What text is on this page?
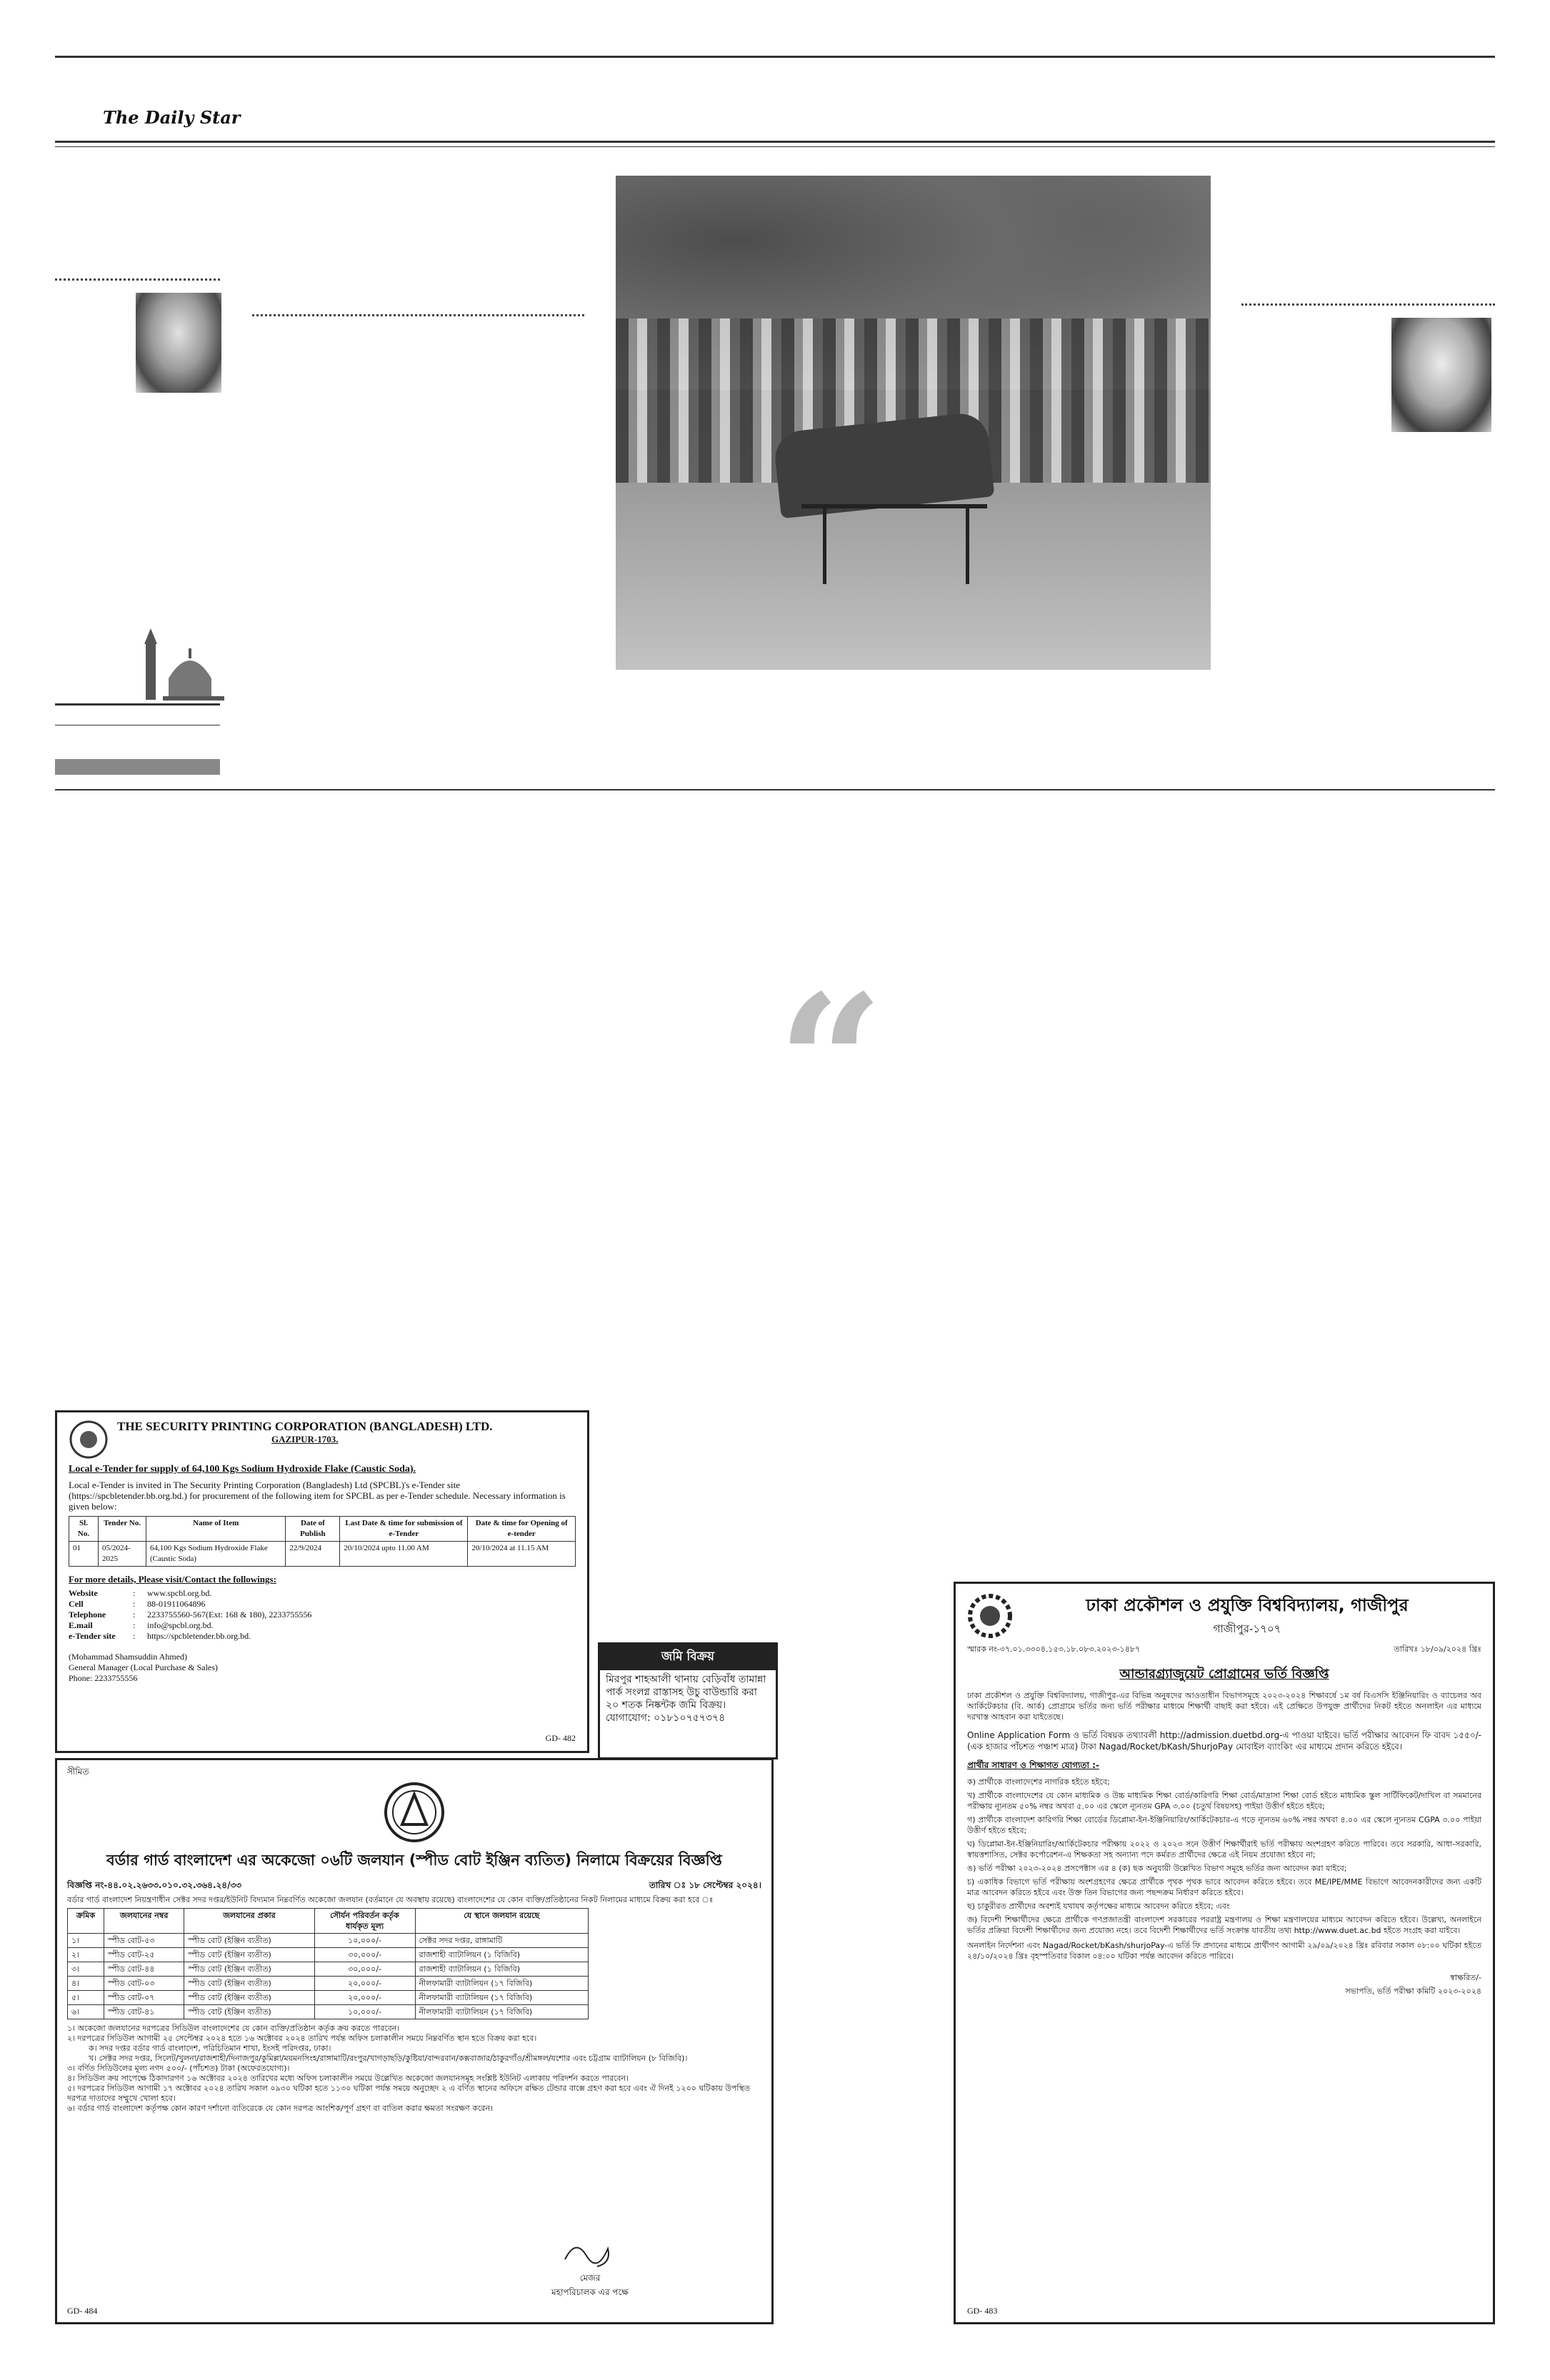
The Daily Star
“
THE SECURITY PRINTING CORPORATION (BANGLADESH) LTD.
GAZIPUR-1703.
Local e-Tender for supply of 64,100 Kgs Sodium Hydroxide Flake (Caustic Soda).
Local e-Tender is invited in The Security Printing Corporation (Bangladesh) Ltd (SPCBL)'s e-Tender site (https://spcbletender.bb.org.bd.) for procurement of the following item for SPCBL as per e-Tender schedule. Necessary information is given below:
Sl. No.	Tender No.	Name of Item	Date of Publish	Last Date & time for submission of e-Tender	Date & time for Opening of e-tender
01	05/2024-2025	64,100 Kgs Sodium Hydroxide Flake (Caustic Soda)	22/9/2024	20/10/2024 upto 11.00 AM	20/10/2024 at 11.15 AM
For more details, Please visit/Contact the followings:
Website	:	www.spcbl.org.bd.
Cell	:	88-01911064896
Telephone	:	2233755560-567(Ext: 168 & 180), 2233755556
E.mail	:	info@spcbl.org.bd.
e-Tender site	:	https://spcbletender.bb.org.bd.
(Mohammad Shamsuddin Ahmed)
General Manager (Local Purchase & Sales)
Phone: 2233755556
GD- 482
জমি বিক্রয়
মিরপুর শাহআলী থানায় বেড়িবাঁধ তামান্না পার্ক সংলগ্ন রাস্তাসহ উচু বাউন্ডারি করা ২০ শতক নিষ্কন্টক জমি বিক্রয়।
যোগাযোগ: ০১৮১০৭৫৭৩৭৪
সীমিত
বর্ডার গার্ড বাংলাদেশ এর অকেজো ০৬টি জলযান (স্পীড বোট ইঞ্জিন ব্যতিত) নিলামে বিক্রয়ের বিজ্ঞপ্তি
বিজ্ঞপ্তি নং-৪৪.০২.২৬৩৩.০১০.৩২.৩৬৪.২৪/৩৩	তারিখ ঃ ১৮ সেপ্টেম্বর ২০২৪।
বর্ডার গার্ড বাংলাদেশ নিয়ন্ত্রণাধীন সেক্টর সদর দপ্তর/ইউনিট বিদ্যমান নিম্নবর্ণিত অকেজো জলযান (বর্তমানে যে অবস্থায় রয়েছে) বাংলাদেশের যে কোন ব্যক্তি/প্রতিষ্ঠানের নিকট নিলামের মাধ্যমে বিক্রয় করা হবে ঃ
ক্রমিক	জলযানের নম্বর	জলযানের প্রকার	সৌর্যন পরিবর্তন কর্তৃক ধার্যকৃত মূল্য	যে স্থানে জলযান রয়েছে
১।	স্পীড বোট-৫৩	স্পীড বোট (ইঞ্জিন ব্যতীত)	১০,০০০/-	সেক্টর সদর দপ্তর, রাঙ্গামাটি
২।	স্পীড বোট-২৫	স্পীড বোট (ইঞ্জিন ব্যতীত)	৩০,০০০/-	রাজশাহী ব্যাটালিয়ন (১ বিজিবি)
৩।	স্পীড বোট-৪৪	স্পীড বোট (ইঞ্জিন ব্যতীত)	৩০,০০০/-	রাজশাহী ব্যাটালিয়ন (১ বিজিবি)
৪।	স্পীড বোট-০৩	স্পীড বোট (ইঞ্জিন ব্যতীত)	২০,০০০/-	নীলফামারী ব্যাটালিয়ন (১৭ বিজিবি)
৫।	স্পীড বোট-০৭	স্পীড বোট (ইঞ্জিন ব্যতীত)	২০,০০০/-	নীলফামারী ব্যাটালিয়ন (১৭ বিজিবি)
৬।	স্পীড বোট-৪১	স্পীড বোট (ইঞ্জিন ব্যতীত)	১০,০০০/-	নীলফামারী ব্যাটালিয়ন (১৭ বিজিবি)
১। অকেজো জলযানের দরপত্রের সিডিউল বাংলাদেশের যে কোন ব্যক্তি/প্রতিষ্ঠান কর্তৃক ক্রয় করতে পারবেন।
২। দরপত্রের সিডিউল আগামী ২৫ সেপ্টেম্বর ২০২৪ হতে ১৬ অক্টোবর ২০২৪ তারিখ পর্যন্ত অফিস চলাকালীন সময়ে নিম্নবর্ণিত স্থান হতে বিক্রয় করা হবে।
ক। সদর দপ্তর বর্ডার গার্ড বাংলাদেশ, পরিচিতিমান শাখা, ইংসই পরিদপ্তর, ঢাকা।
খ। সেক্টর সদর দপ্তর, সিলেট/খুলনা/রাজশাহী/দিনাজপুর/কুমিল্লা/ময়মনসিংহ/রাঙ্গামাটি/রংপুর/খাগড়াছড়ি/কুষ্টিয়া/বান্দরবান/কক্সবাজার/ঠাকুরগাঁও/শ্রীমঙ্গল/যশোর এবং চট্টগ্রাম ব্যাটালিয়ন (৮ বিজিবি)।
৩। বর্ণিত সিডিউলের মূল্য নগদ ৫০০/- (পাঁচশত) টাকা (অফেরতযোগ্য)।
৪। সিডিউল ক্রয় সাপেক্ষে ঠিকাদারগণ ১৬ অক্টোবর ২০২৪ তারিখের মধ্যে অফিস চলাকালীন সময়ে উল্লেখিত অকেজো জলযানসমূহ সংশ্লিষ্ট ইউনিট এলাকায় পরিদর্শন করতে পারবেন।
৫। দরপত্রের সিডিউল আগামী ১৭ অক্টোবর ২০২৪ তারিখ সকাল ০৯৩০ ঘটিকা হতে ১১৩০ ঘটিকা পর্যন্ত সময়ে অনুচ্ছেদ ২ এ বর্ণিত স্থানের অফিসে রক্ষিত টেন্ডার বাক্সে গ্রহণ করা হবে এবং ঐ দিনই ১২০০ ঘটিকায় উপস্থিত দরপত্র দাতাদের সম্মুখে খোলা হবে।
৬। বর্ডার গার্ড বাংলাদেশ কর্তৃপক্ষ কোন কারণ দর্শানো ব্যতিরেকে যে কোন দরপত্র আংশিক/পূর্ণ গ্রহণ বা বাতিল করার ক্ষমতা সংরক্ষণ করেন।
মেজর
মহাপরিচালক এর পক্ষে
GD- 484
ঢাকা প্রকৌশল ও প্রযুক্তি বিশ্ববিদ্যালয়, গাজীপুর
গাজীপুর-১৭০৭
স্মারক নং-৩৭.০১.৩৩০৪.১৫৩.১৮.০৮৩.২০২৩-১৪৮৭	তারিখঃ ১৮/০৯/২০২৪ খ্রিঃ
আন্ডারগ্র্যাজুয়েট প্রোগ্রামের ভর্তি বিজ্ঞপ্তি
ঢাকা প্রকৌশল ও প্রযুক্তি বিশ্ববিদ্যালয়, গাজীপুর-এর বিভিন্ন অনুষদের আওতাধীন বিভাগসমূহে ২০২৩-২০২৪ শিক্ষাবর্ষে ১ম বর্ষ বিএসসি ইঞ্জিনিয়ারিং ও ব্যাচেলর অব আর্কিটেকচার (বি. আর্ক) প্রোগ্রামে ভর্তির জন্য ভর্তি পরীক্ষার মাধ্যমে শিক্ষার্থী বাছাই করা হইবে। এই প্রেক্ষিতে উপযুক্ত প্রার্থীদের নিকট হইতে অনলাইন এর মাধ্যমে দরখাস্ত আহবান করা যাইতেছে।
Online Application Form ও ভর্তি বিষয়ক তথ্যাবলী http://admission.duetbd.org-এ পাওয়া যাইবে। ভর্তি পরীক্ষার আবেদন ফি বাবদ ১৫৫০/-(এক হাজার পাঁচশত পঞ্চাশ মাত্র) টাকা Nagad/Rocket/bKash/ShurjoPay মোবাইল ব্যাংকিং এর মাধ্যমে প্রদান করিতে হইবে।
প্রার্থীর সাধারণ ও শিক্ষাগত যোগ্যতা :-
ক) প্রার্থীকে বাংলাদেশের নাগরিক হইতে হইবে;
খ) প্রার্থীকে বাংলাদেশের যে কোন মাধ্যমিক ও উচ্চ মাধ্যমিক শিক্ষা বোর্ড/কারিগরি শিক্ষা বোর্ড/মাদ্রাসা শিক্ষা বোর্ড হইতে মাধ্যমিক স্কুল সার্টিফিকেট/দাখিল বা সমমানের পরীক্ষায় ন্যূনতম ৫০% নম্বর অথবা ৫.০০ এর স্কেলে ন্যূনতম GPA ৩.০০ (চতুর্থ বিষয়সহ) পাইয়া উত্তীর্ণ হইতে হইবে;
গ) প্রার্থীকে বাংলাদেশ কারিগরি শিক্ষা বোর্ডের ডিপ্লোমা-ইন-ইঞ্জিনিয়ারিং/আর্কিটেকচার-এ গড়ে ন্যূনতম ৬০% নম্বর অথবা ৪.০০ এর স্কেলে ন্যূনতম CGPA ৩.০০ পাইয়া উত্তীর্ণ হইতে হইবে;
ঘ) ডিপ্লোমা-ইন-ইঞ্জিনিয়ারিং/আর্কিটেকচার পরীক্ষায় ২০২২ ও ২০২৩ সনে উত্তীর্ণ শিক্ষার্থীরাই ভর্তি পরীক্ষায় অংশগ্রহণ করিতে পারিবে। তবে সরকারি, আধা-সরকারি, স্বায়ত্তশাসিত, সেক্টর কর্পোরেশন-এ শিক্ষকতা সহ অন্যান্য পদে কর্মরত প্রার্থীদের ক্ষেত্রে এই নিয়ম প্রযোজ্য হইবে না;
ঙ) ভর্তি পরীক্ষা ২০২৩-২০২৪ প্রসপেক্টাস এর ৪ (ক) ছক অনুযায়ী উল্লেখিত বিভাগ সমূহে ভর্তির জন্য আবেদন করা যাইবে;
চ) একাধিক বিভাগে ভর্তি পরীক্ষায় অংশগ্রহণের ক্ষেত্রে প্রার্থীকে পৃথক পৃথক ভাবে আবেদন করিতে হইবে। তবে ME/IPE/MME বিভাগে আবেদনকারীদের জন্য একটি মাত্র আবেদন করিতে হইবে এবং উক্ত তিন বিভাগের জন্য পছন্দক্রম নির্ধারণ করিতে হইবে।
ছ) চাকুরীরত প্রার্থীদের অবশ্যই যথাযথ কর্তৃপক্ষের মাধ্যমে আবেদন করিতে হইবে; এবং
জ) বিদেশী শিক্ষার্থীদের ক্ষেত্রে প্রার্থীকে গণপ্রজাতন্ত্রী বাংলাদেশ সরকারের পররাষ্ট্র মন্ত্রণালয় ও শিক্ষা মন্ত্রণালয়ের মাধ্যমে আবেদন করিতে হইবে। উল্লেখ্য, অনলাইনে ভর্তির প্রক্রিয়া বিদেশী শিক্ষার্থীদের জন্য প্রযোজ্য নহে। তবে বিদেশী শিক্ষার্থীদের ভর্তি সংক্রান্ত যাবতীয় তথ্য http://www.duet.ac.bd হইতে সংগ্রহ করা যাইবে।
অনলাইন নির্দেশনা এবং Nagad/Rocket/bKash/shurjoPay-এ ভর্তি ফি প্রদানের মাধ্যমে প্রার্থীগণ আগামী ২৯/০৯/২০২৪ খ্রিঃ রবিবার সকাল ০৮:০০ ঘটিকা হইতে ২৪/১০/২০২৪ খ্রিঃ বৃহস্পতিবার বিকাল ০৪:০০ ঘটিকা পর্যন্ত আবেদন করিতে পারিবে।
স্বাক্ষরিত/-
সভাপতি, ভর্তি পরীক্ষা কমিটি ২০২৩-২০২৪
GD- 483
